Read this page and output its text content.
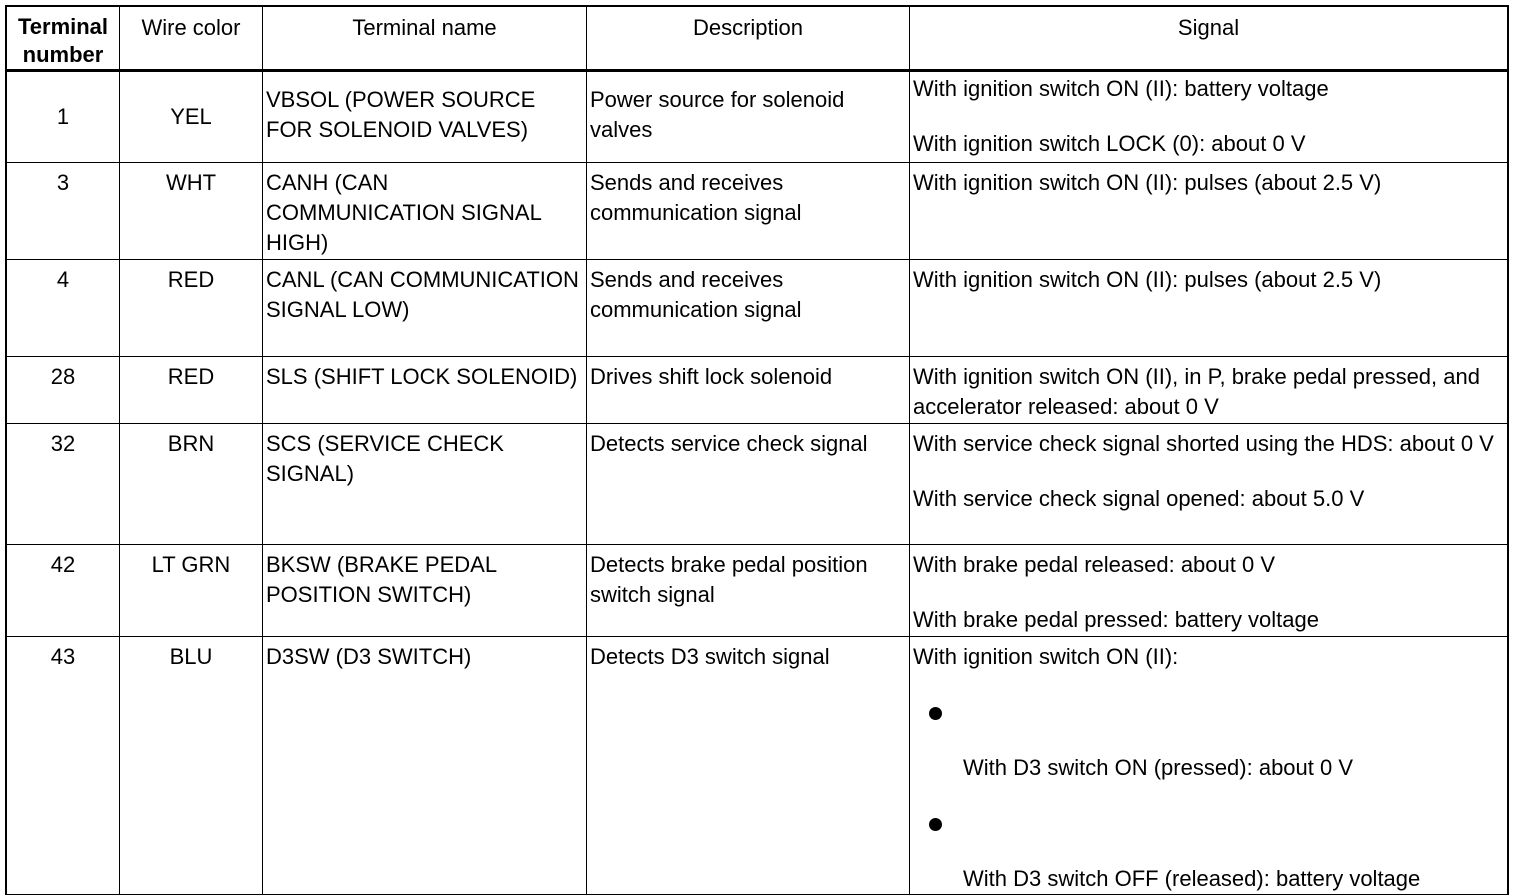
Terminal
number	Wire color	Terminal name	Description	Signal
1	YEL	VBSOL (POWER SOURCE FOR SOLENOID VALVES)	Power source for solenoid valves	With ignition switch ON (II): battery voltage
With ignition switch LOCK (0): about 0 V

3	WHT	CANH (CAN COMMUNICATION SIGNAL HIGH)	Sends and receives communication signal	With ignition switch ON (II): pulses (about 2.5 V)

4	RED	CANL (CAN COMMUNICATION SIGNAL LOW)	Sends and receives communication signal	With ignition switch ON (II): pulses (about 2.5 V)

28	RED	SLS (SHIFT LOCK SOLENOID)	Drives shift lock solenoid	With ignition switch ON (II), in P, brake pedal pressed, and accelerator released: about 0 V

32	BRN	SCS (SERVICE CHECK SIGNAL)	Detects service check signal	With service check signal shorted using the HDS: about 0 V
With service check signal opened: about 5.0 V

42	LT GRN	BKSW (BRAKE PEDAL POSITION SWITCH)	Detects brake pedal position switch signal	With brake pedal released: about 0 V
With brake pedal pressed: battery voltage

43	BLU	D3SW (D3 SWITCH)	Detects D3 switch signal	With ignition switch ON (II):
With D3 switch ON (pressed): about 0 V
With D3 switch OFF (released): battery voltage
